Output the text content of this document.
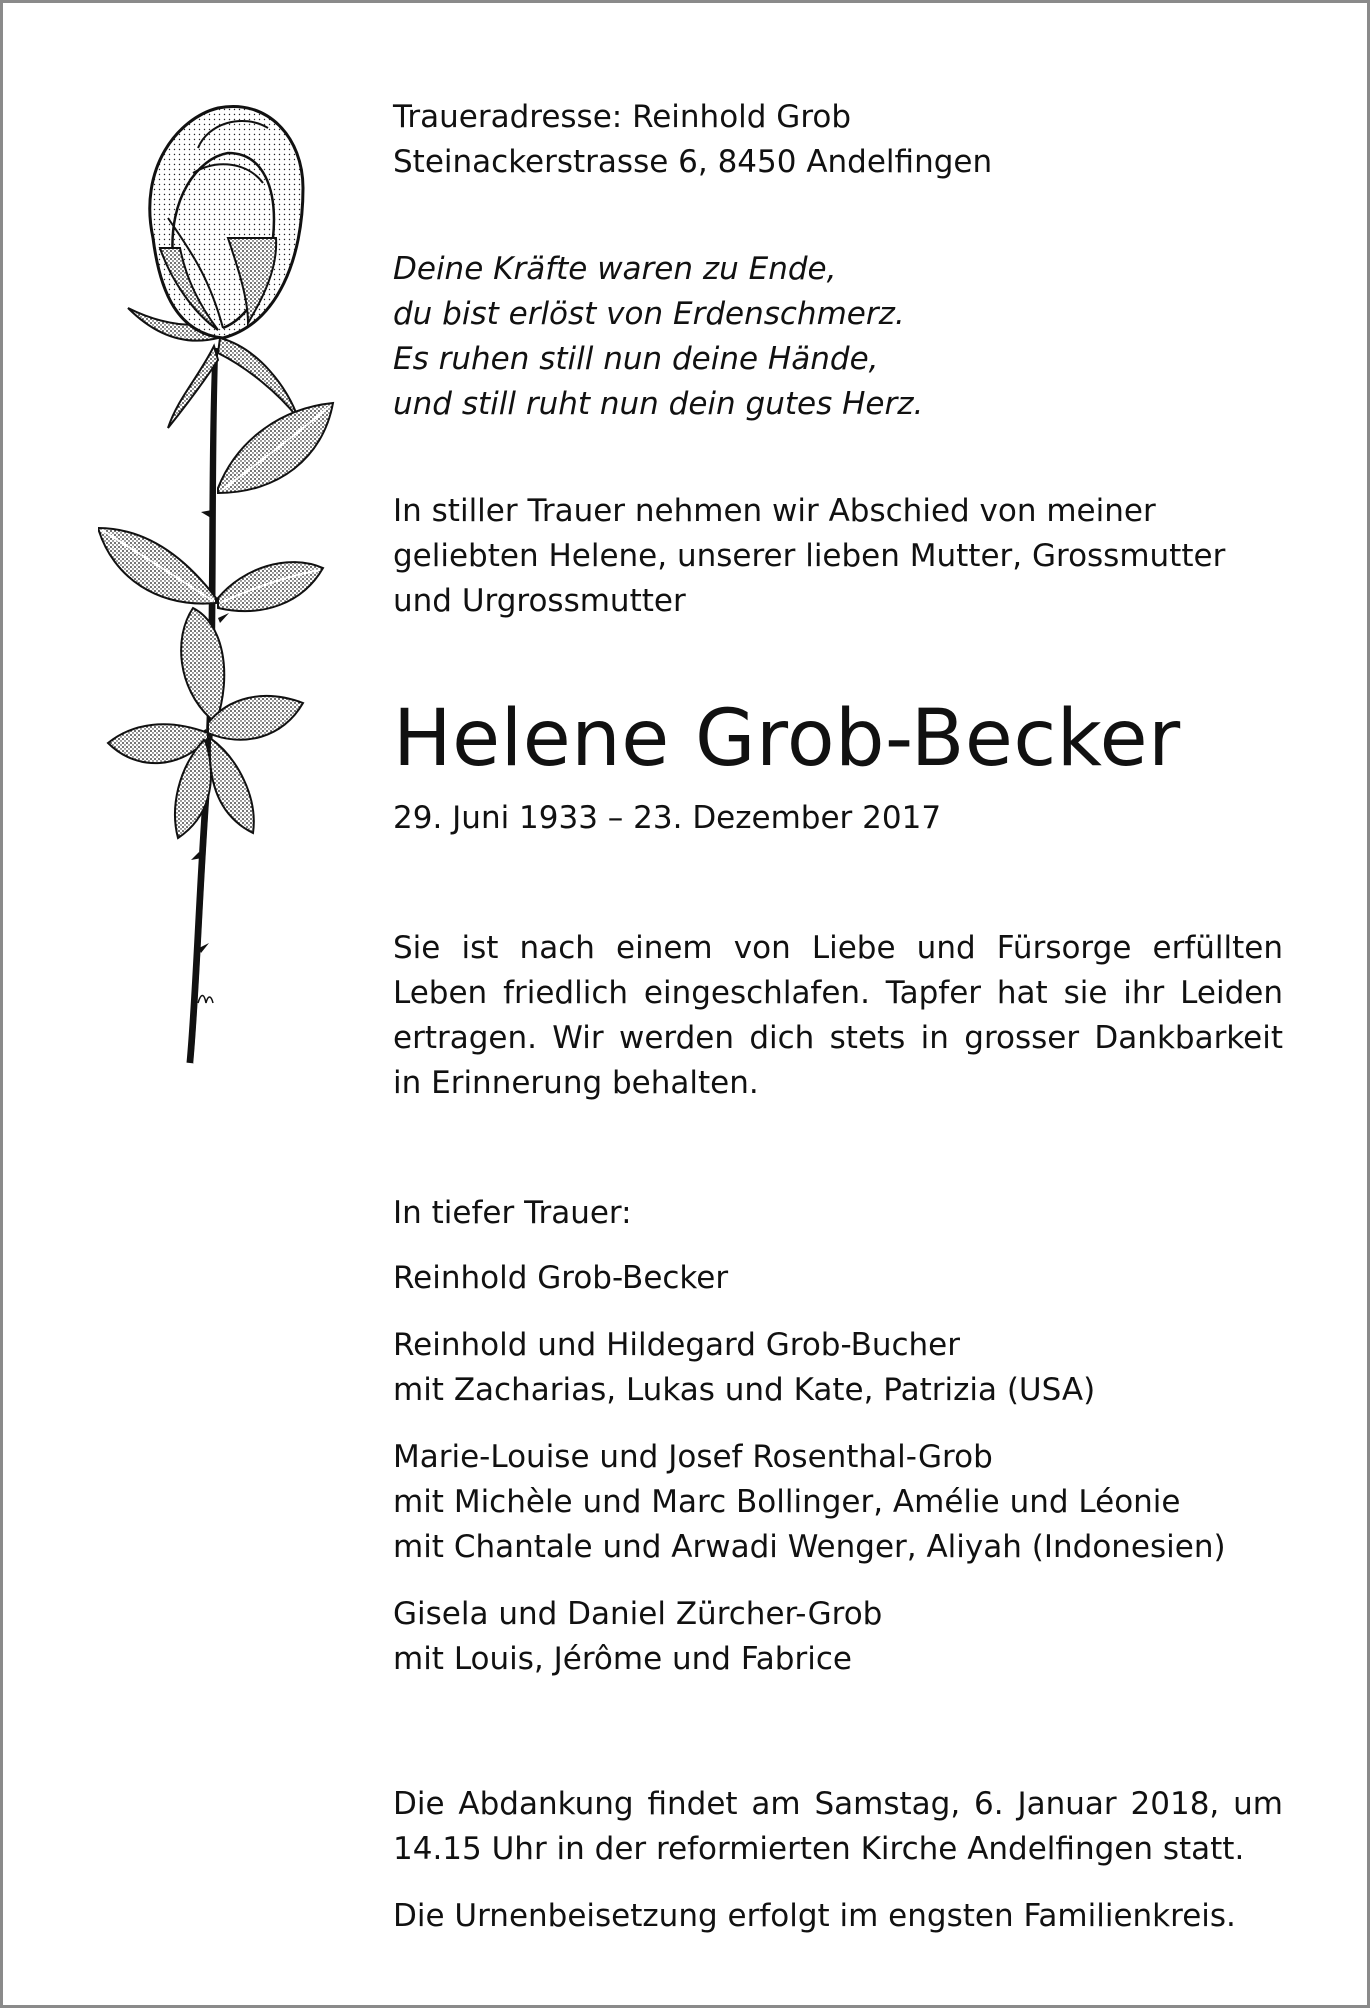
Traueradresse: Reinhold Grob
Steinackerstrasse 6, 8450 Andelfingen

Deine Kräfte waren zu Ende,
du bist erlöst von Erdenschmerz.
Es ruhen still nun deine Hände,
und still ruht nun dein gutes Herz.

In stiller Trauer nehmen wir Abschied von meiner
geliebten Helene, unserer lieben Mutter, Grossmutter
und Urgrossmutter

Helene Grob-Becker

29. Juni 1933 – 23. Dezember 2017

Sie ist nach einem von Liebe und Fürsorge erfüllten
Leben friedlich eingeschlafen. Tapfer hat sie ihr Leiden
ertragen. Wir werden dich stets in grosser Dankbarkeit
in Erinnerung behalten.

In tiefer Trauer:

Reinhold Grob-Becker

Reinhold und Hildegard Grob-Bucher
mit Zacharias, Lukas und Kate, Patrizia (USA)

Marie-Louise und Josef Rosenthal-Grob
mit Michèle und Marc Bollinger, Amélie und Léonie
mit Chantale und Arwadi Wenger, Aliyah (Indonesien)

Gisela und Daniel Zürcher-Grob
mit Louis, Jérôme und Fabrice

Die Abdankung findet am Samstag, 6. Januar 2018, um
14.15 Uhr in der reformierten Kirche Andelfingen statt.

Die Urnenbeisetzung erfolgt im engsten Familienkreis.
